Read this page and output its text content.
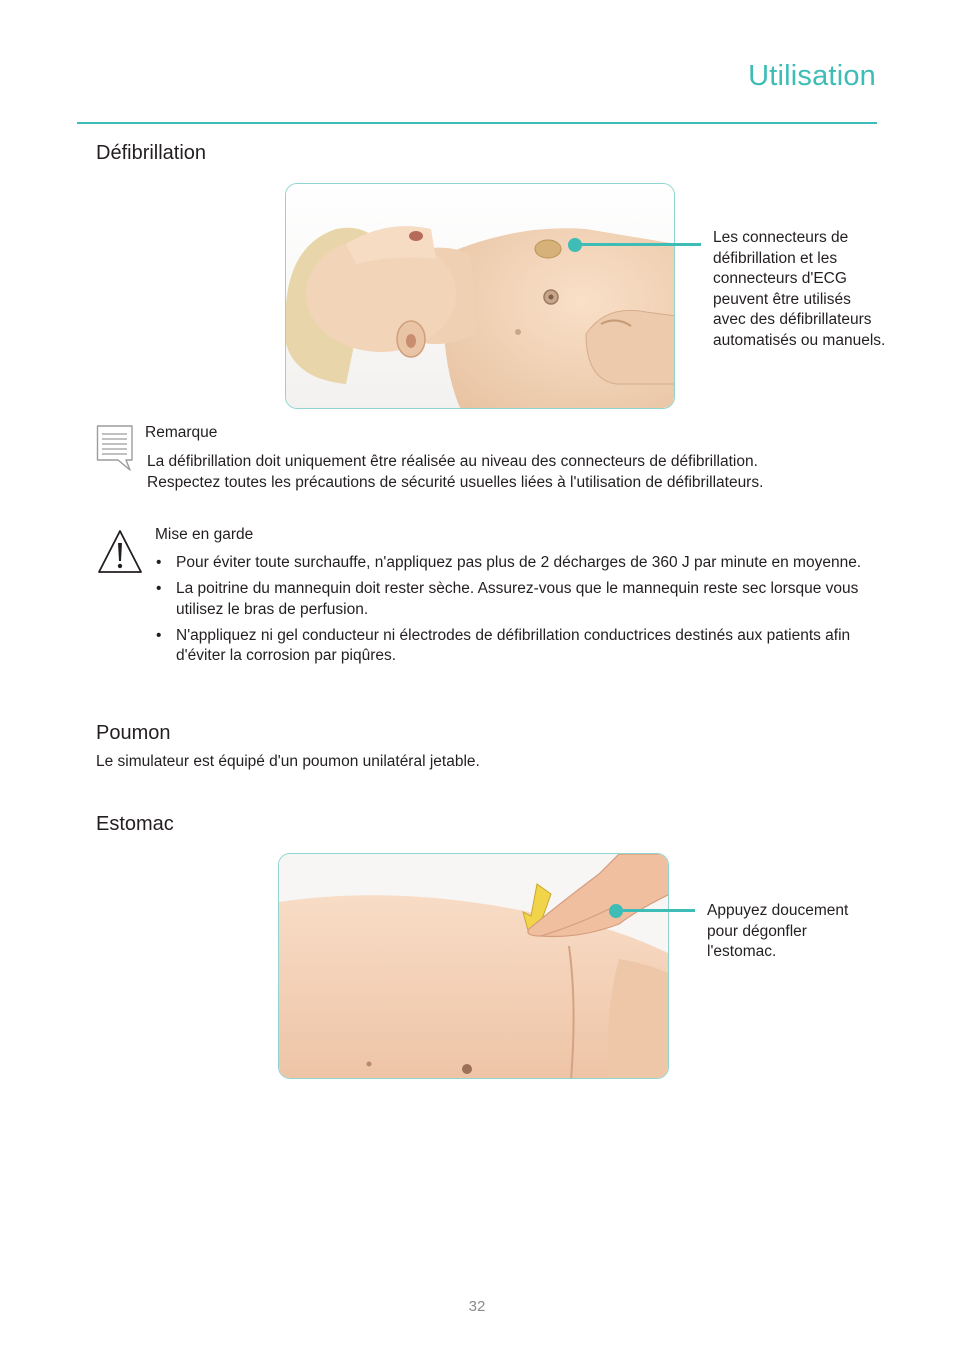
Utilisation
Défibrillation
Les connecteurs de
défibrillation et les
connecteurs d'ECG
peuvent être utilisés
avec des défibrillateurs
automatisés ou manuels.
Remarque
La défibrillation doit uniquement être réalisée au niveau des connecteurs de défibrillation.
Respectez toutes les précautions de sécurité usuelles liées à l'utilisation de défibrillateurs.
Mise en garde
• Pour éviter toute surchauffe, n'appliquez pas plus de 2 décharges de 360 J par minute en moyenne.
• La poitrine du mannequin doit rester sèche. Assurez-vous que le mannequin reste sec lorsque vous utilisez le bras de perfusion.
• N'appliquez ni gel conducteur ni électrodes de défibrillation conductrices destinés aux patients afin d'éviter la corrosion par piqûres.
Poumon
Le simulateur est équipé d'un poumon unilatéral jetable.
Estomac
Appuyez doucement
pour dégonfler
l'estomac.
32
